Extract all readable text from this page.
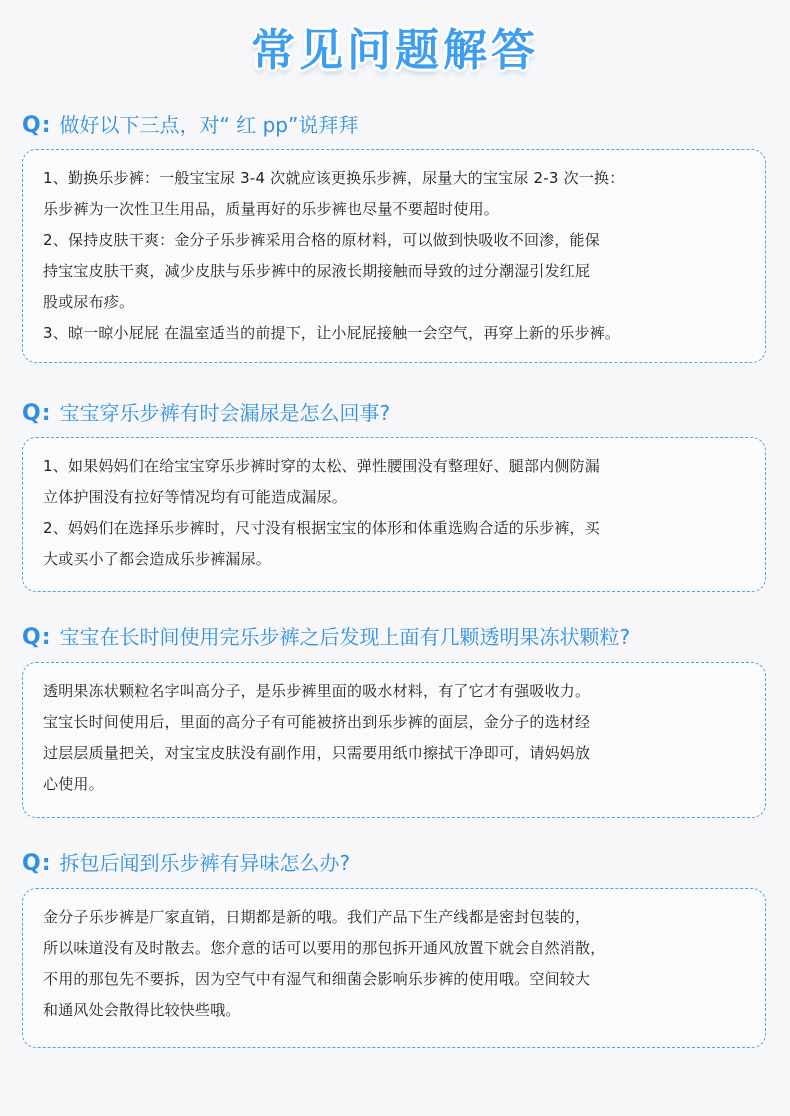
常见问题解答
Q: 做好以下三点，对“ 红 pp”说拜拜

1、勤换乐步裤：一般宝宝尿 3-4 次就应该更换乐步裤，尿量大的宝宝尿 2-3 次一换：

乐步裤为一次性卫生用品，质量再好的乐步裤也尽量不要超时使用。

2、保持皮肤干爽：金分子乐步裤采用合格的原材料，可以做到快吸收不回渗，能保

持宝宝皮肤干爽，减少皮肤与乐步裤中的尿液长期接触而导致的过分潮湿引发红屁

股或尿布疹。

3、晾一晾小屁屁 在温室适当的前提下，让小屁屁接触一会空气，再穿上新的乐步裤。

Q: 宝宝穿乐步裤有时会漏尿是怎么回事?

1、如果妈妈们在给宝宝穿乐步裤时穿的太松、弹性腰围没有整理好、腿部内侧防漏

立体护围没有拉好等情况均有可能造成漏尿。

2、妈妈们在选择乐步裤时，尺寸没有根据宝宝的体形和体重选购合适的乐步裤，买

大或买小了都会造成乐步裤漏尿。

Q: 宝宝在长时间使用完乐步裤之后发现上面有几颗透明果冻状颗粒?

透明果冻状颗粒名字叫高分子，是乐步裤里面的吸水材料，有了它才有强吸收力。

宝宝长时间使用后，里面的高分子有可能被挤出到乐步裤的面层，金分子的选材经

过层层质量把关，对宝宝皮肤没有副作用，只需要用纸巾擦拭干净即可，请妈妈放

心使用。

Q: 拆包后闻到乐步裤有异味怎么办?

金分子乐步裤是厂家直销，日期都是新的哦。我们产品下生产线都是密封包装的，

所以味道没有及时散去。您介意的话可以要用的那包拆开通风放置下就会自然消散，

不用的那包先不要拆，因为空气中有湿气和细菌会影响乐步裤的使用哦。空间较大

和通风处会散得比较快些哦。
